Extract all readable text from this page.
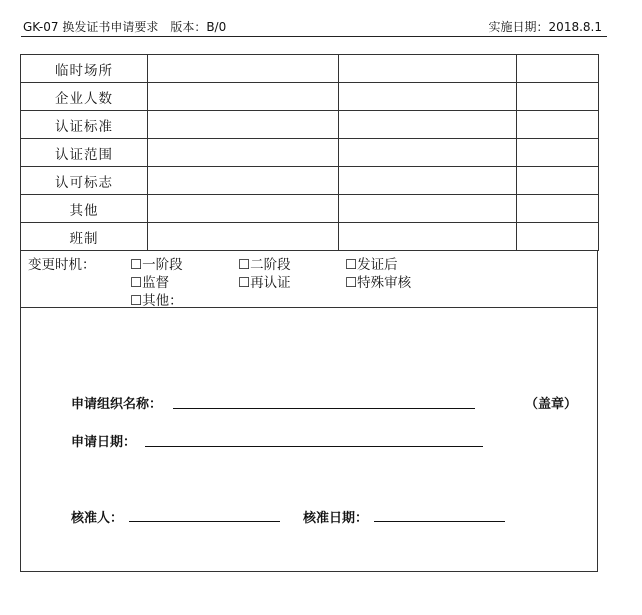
GK-07 换发证书申请要求　版本：B/0	实施日期：2018.8.1
临时场所			
企业人数			
认证标准			
认证范围			
认可标志			
其他			
班制			
变更时机：	☐一阶段	☐二阶段	☐发证后
☐监督	☐再认证	☐特殊审核
☐其他：
申请组织名称：	（盖章）
申请日期：
核准人：	核准日期：
